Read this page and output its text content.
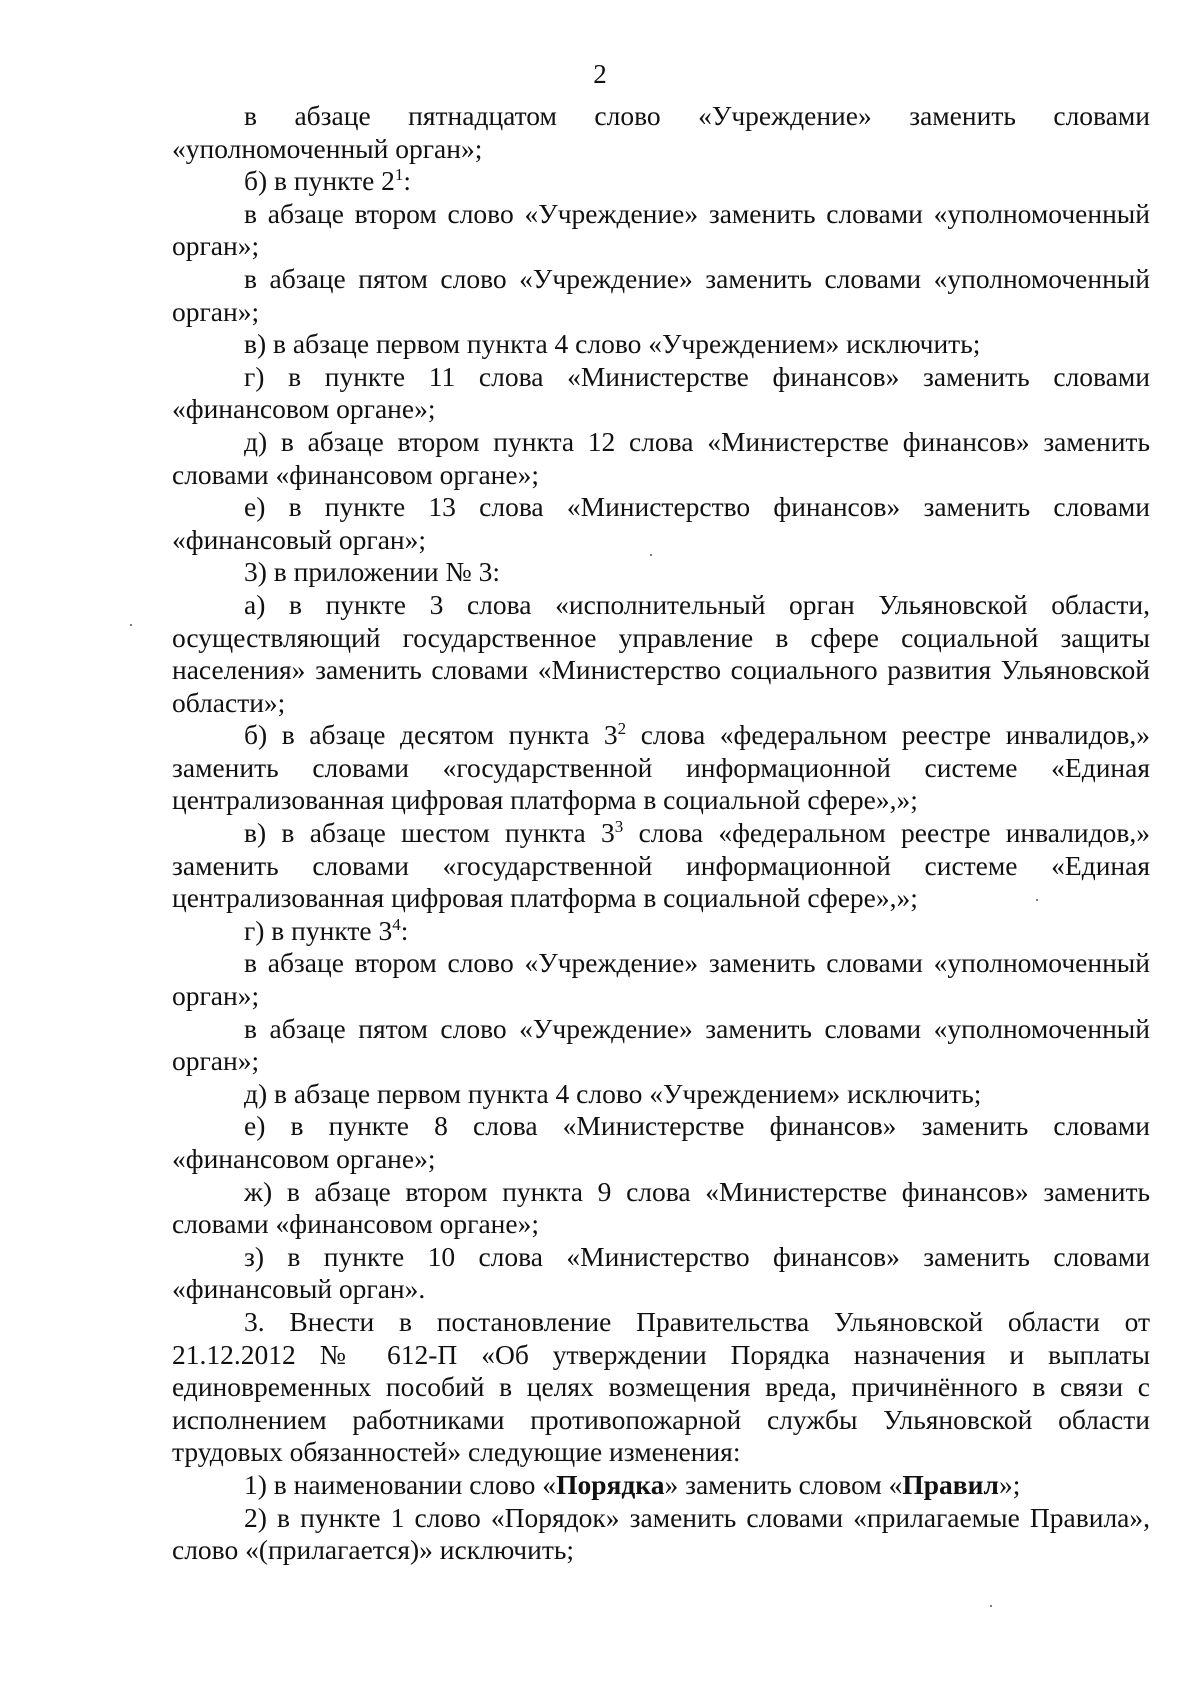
2

в абзаце пятнадцатом слово «Учреждение» заменить словами «уполномоченный орган»;

б) в пункте $2^1$:

в абзаце втором слово «Учреждение» заменить словами «уполномоченный орган»;

в абзаце пятом слово «Учреждение» заменить словами «уполномоченный орган»;

в) в абзаце первом пункта 4 слово «Учреждением» исключить;

г) в пункте 11 слова «Министерстве финансов» заменить словами «финансовом органе»;

д) в абзаце втором пункта 12 слова «Министерстве финансов» заменить словами «финансовом органе»;

е) в пункте 13 слова «Министерство финансов» заменить словами «финансовый орган»;

3) в приложении № 3:

а) в пункте 3 слова «исполнительный орган Ульяновской области, осуществляющий государственное управление в сфере социальной защиты населения» заменить словами «Министерство социального развития Ульяновской области»;

б) в абзаце десятом пункта $3^2$ слова «федеральном реестре инвалидов,» заменить словами «государственной информационной системе «Единая централизованная цифровая платформа в социальной сфере»,»;

в) в абзаце шестом пункта $3^3$ слова «федеральном реестре инвалидов,» заменить словами «государственной информационной системе «Единая централизованная цифровая платформа в социальной сфере»,»;

г) в пункте $3^4$:

в абзаце втором слово «Учреждение» заменить словами «уполномоченный орган»;

в абзаце пятом слово «Учреждение» заменить словами «уполномоченный орган»;

д) в абзаце первом пункта 4 слово «Учреждением» исключить;

е) в пункте 8 слова «Министерстве финансов» заменить словами «финансовом органе»;

ж) в абзаце втором пункта 9 слова «Министерстве финансов» заменить словами «финансовом органе»;

з) в пункте 10 слова «Министерство финансов» заменить словами «финансовый орган».

3. Внести в постановление Правительства Ульяновской области от 21.12.2012 № 612-П «Об утверждении Порядка назначения и выплаты единовременных пособий в целях возмещения вреда, причинённого в связи с исполнением работниками противопожарной службы Ульяновской области трудовых обязанностей» следующие изменения:

1) в наименовании слово «Порядка» заменить словом «Правил»;

2) в пункте 1 слово «Порядок» заменить словами «прилагаемые Правила», слово «(прилагается)» исключить;
